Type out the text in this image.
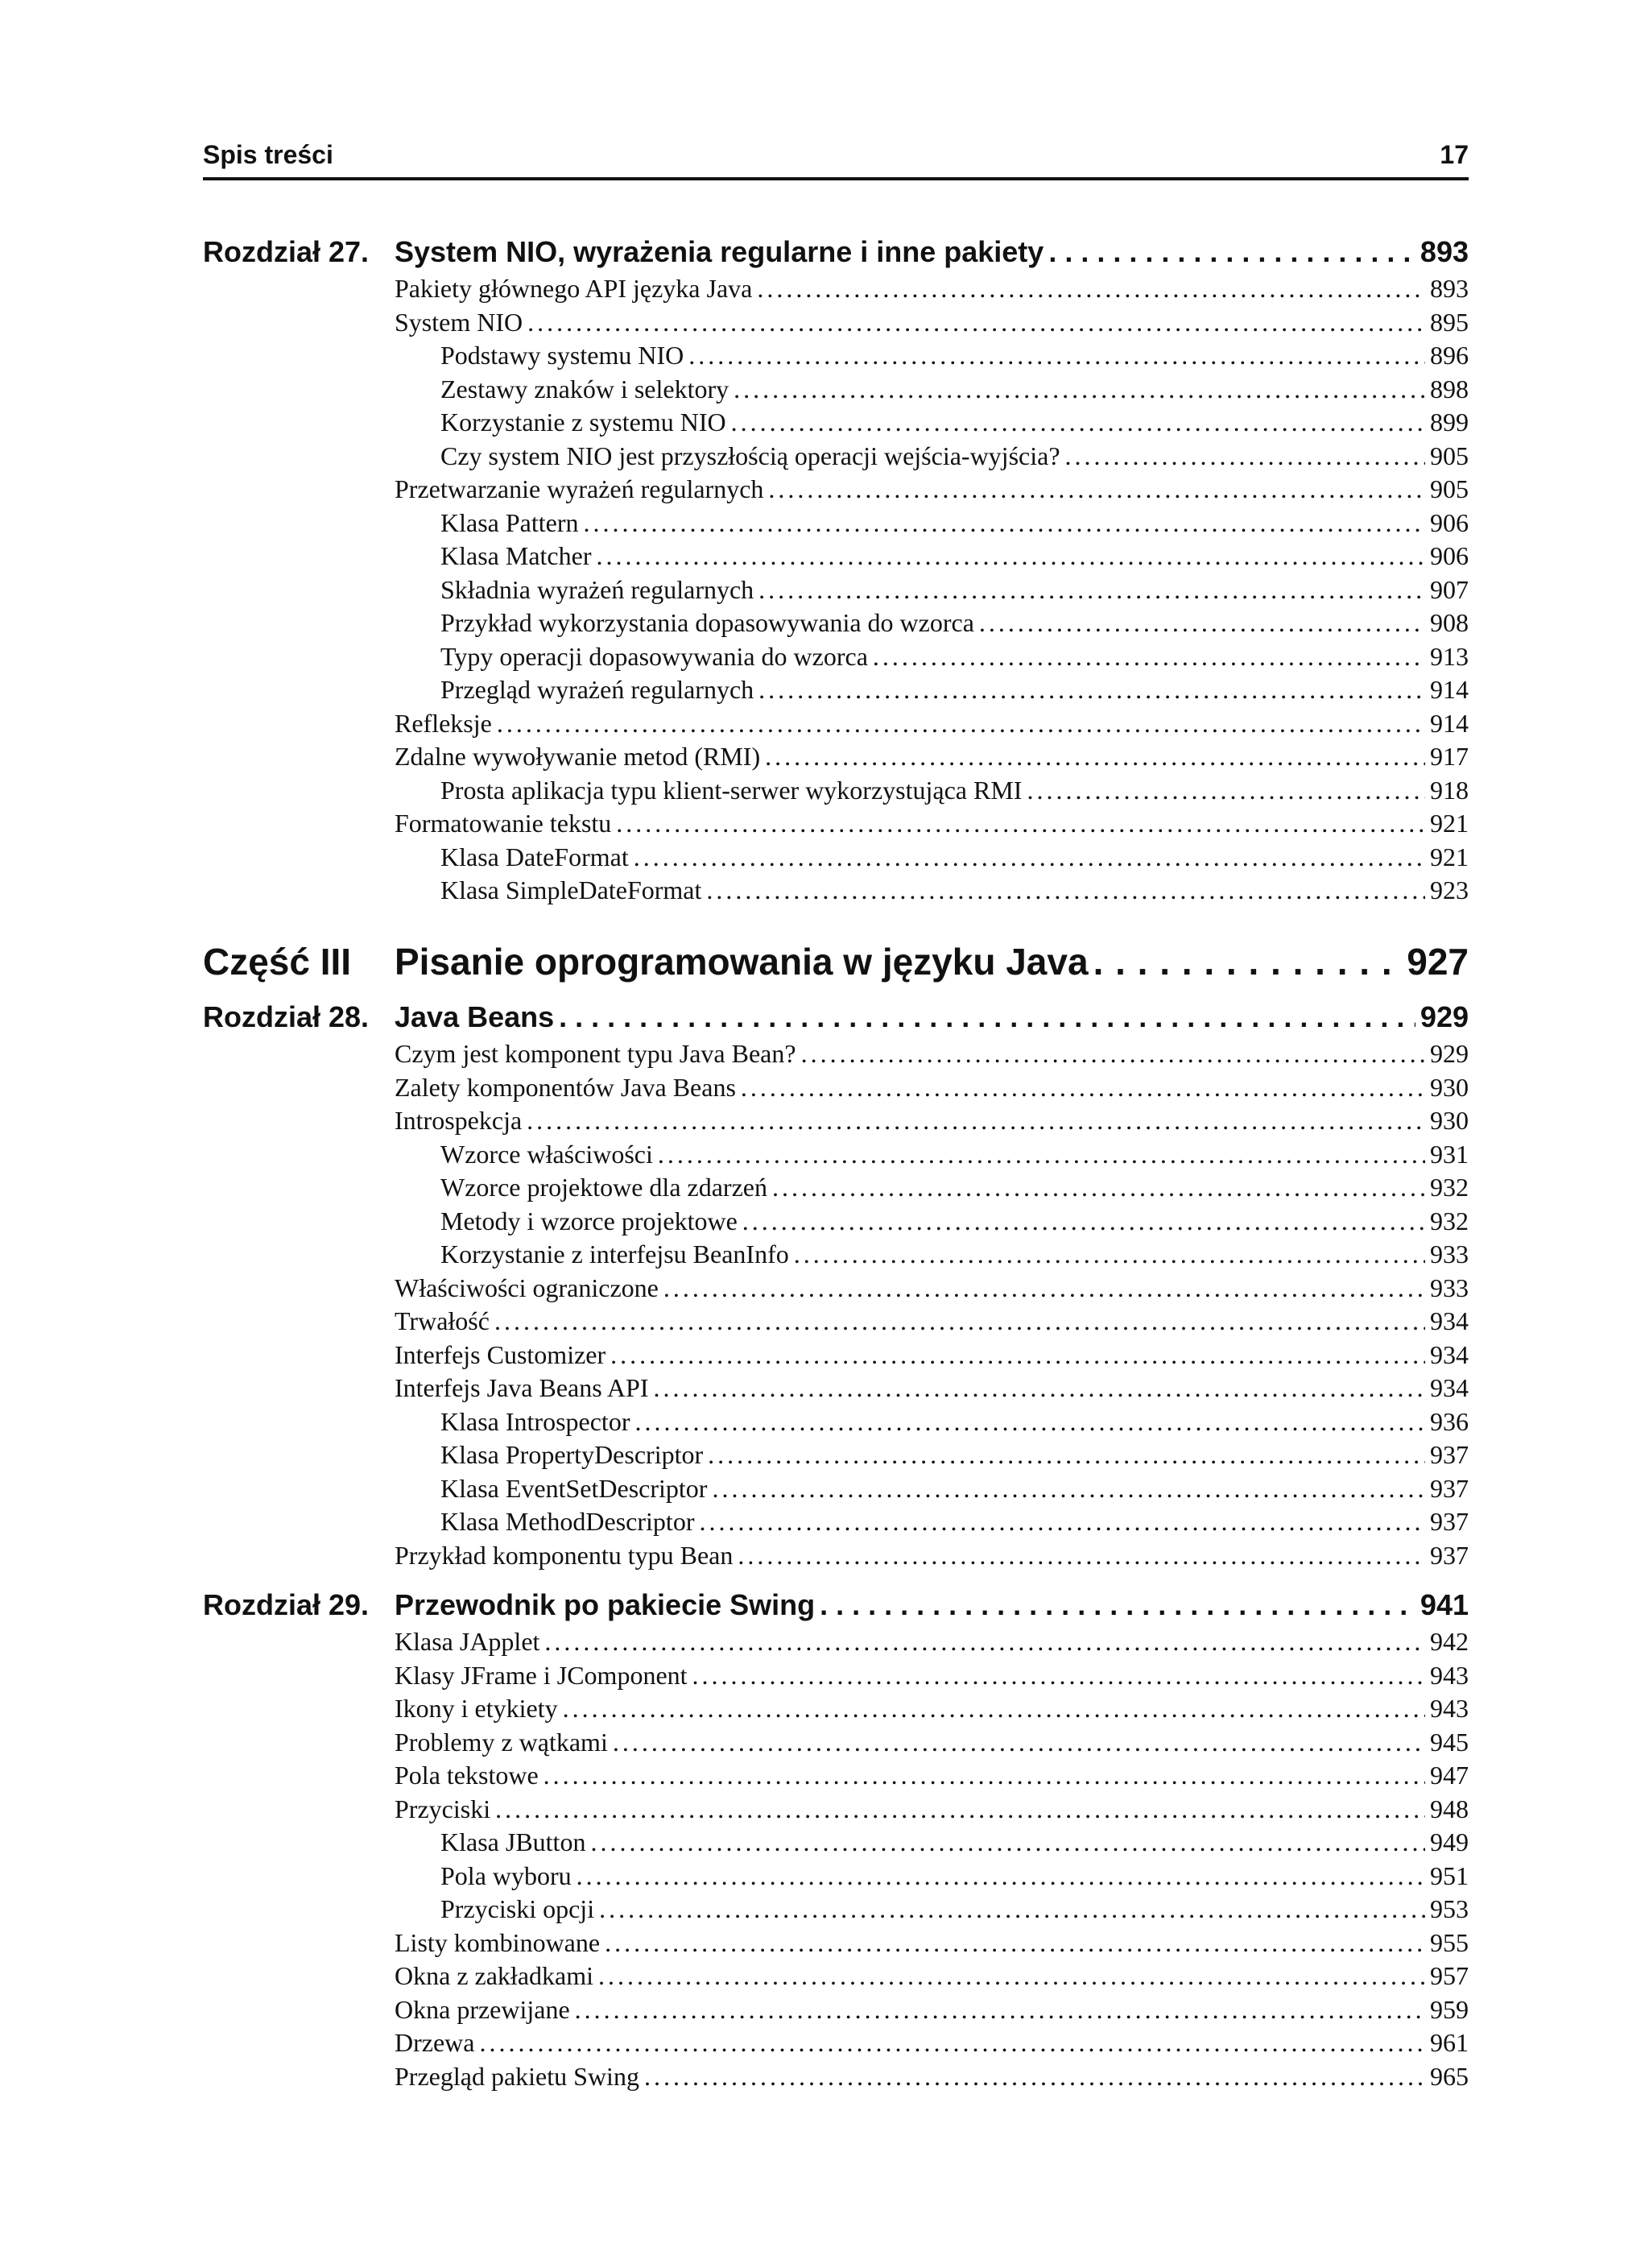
Spis treści	17
Rozdział 27. System NIO, wyrażenia regularne i inne pakiety . . .	893
Pakiety głównego API języka Java . . .	893
System NIO . . .	895
Podstawy systemu NIO . . .	896
Zestawy znaków i selektory . . .	898
Korzystanie z systemu NIO . . .	899
Czy system NIO jest przyszłością operacji wejścia-wyjścia? . . .	905
Przetwarzanie wyrażeń regularnych . . .	905
Klasa Pattern . . .	906
Klasa Matcher . . .	906
Składnia wyrażeń regularnych . . .	907
Przykład wykorzystania dopasowywania do wzorca . . .	908
Typy operacji dopasowywania do wzorca . . .	913
Przegląd wyrażeń regularnych . . .	914
Refleksje . . .	914
Zdalne wywoływanie metod (RMI) . . .	917
Prosta aplikacja typu klient-serwer wykorzystująca RMI . . .	918
Formatowanie tekstu . . .	921
Klasa DateFormat . . .	921
Klasa SimpleDateFormat . . .	923
Część III	Pisanie oprogramowania w języku Java . . .	927
Rozdział 28. Java Beans . . .	929
Czym jest komponent typu Java Bean? . . .	929
Zalety komponentów Java Beans . . .	930
Introspekcja . . .	930
Wzorce właściwości . . .	931
Wzorce projektowe dla zdarzeń . . .	932
Metody i wzorce projektowe . . .	932
Korzystanie z interfejsu BeanInfo . . .	933
Właściwości ograniczone . . .	933
Trwałość . . .	934
Interfejs Customizer . . .	934
Interfejs Java Beans API . . .	934
Klasa Introspector . . .	936
Klasa PropertyDescriptor . . .	937
Klasa EventSetDescriptor . . .	937
Klasa MethodDescriptor . . .	937
Przykład komponentu typu Bean . . .	937
Rozdział 29. Przewodnik po pakiecie Swing . . .	941
Klasa JApplet . . .	942
Klasy JFrame i JComponent . . .	943
Ikony i etykiety . . .	943
Problemy z wątkami . . .	945
Pola tekstowe . . .	947
Przyciski . . .	948
Klasa JButton . . .	949
Pola wyboru . . .	951
Przyciski opcji . . .	953
Listy kombinowane . . .	955
Okna z zakładkami . . .	957
Okna przewijane . . .	959
Drzewa . . .	961
Przegląd pakietu Swing . . .	965
